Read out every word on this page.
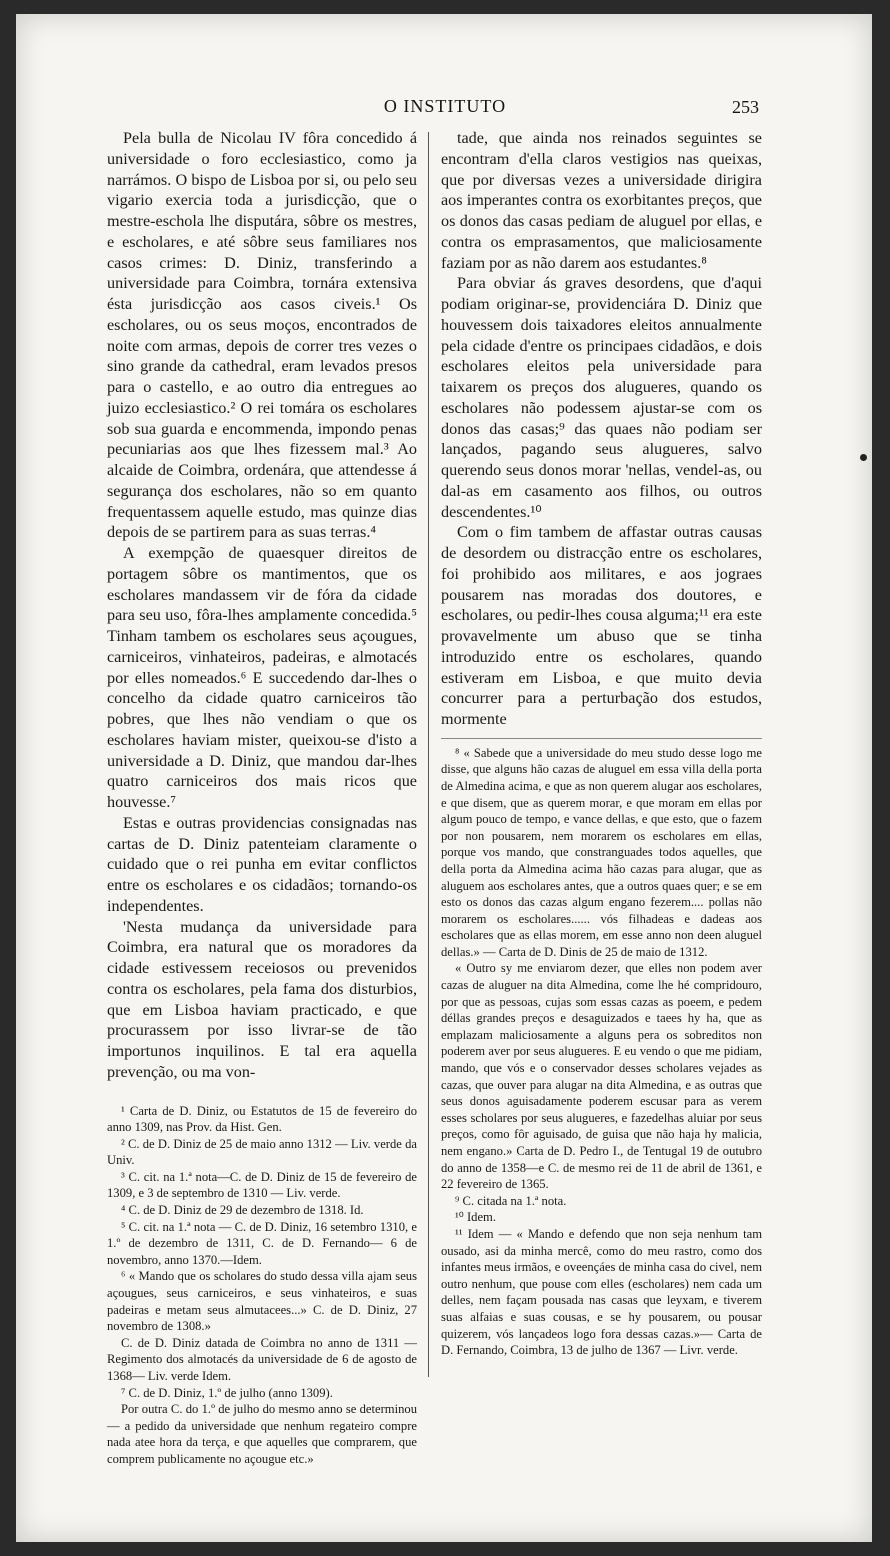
O INSTITUTO	253

Pela bulla de Nicolau IV fôra concedido á universidade o foro ecclesiastico, como ja narrámos. O bispo de Lisboa por si, ou pelo seu vigario exercia toda a jurisdicção, que o mestre-eschola lhe disputára, sôbre os mestres, e escholares, e até sôbre seus familiares nos casos crimes: D. Diniz, transferindo a universidade para Coimbra, tornára extensiva ésta jurisdicção aos casos civeis.¹ Os escholares, ou os seus moços, encontrados de noite com armas, depois de correr tres vezes o sino grande da cathedral, eram levados presos para o castello, e ao outro dia entregues ao juizo ecclesiastico.² O rei tomára os escholares sob sua guarda e encommenda, impondo penas pecuniarias aos que lhes fizessem mal.³ Ao alcaide de Coimbra, ordenára, que attendesse á segurança dos escholares, não so em quanto frequentassem aquelle estudo, mas quinze dias depois de se partirem para as suas terras.⁴

A exempção de quaesquer direitos de portagem sôbre os mantimentos, que os escholares mandassem vir de fóra da cidade para seu uso, fôra-lhes amplamente concedida.⁵ Tinham tambem os escholares seus açougues, carniceiros, vinhateiros, padeiras, e almotacés por elles nomeados.⁶ E succedendo dar-lhes o concelho da cidade quatro carniceiros tão pobres, que lhes não vendiam o que os escholares haviam mister, queixou-se d'isto a universidade a D. Diniz, que mandou dar-lhes quatro carniceiros dos mais ricos que houvesse.⁷

Estas e outras providencias consignadas nas cartas de D. Diniz patenteiam claramente o cuidado que o rei punha em evitar conflictos entre os escholares e os cidadãos; tornando-os independentes.

'Nesta mudança da universidade para Coimbra, era natural que os moradores da cidade estivessem receiosos ou prevenidos contra os escholares, pela fama dos disturbios, que em Lisboa haviam practicado, e que procurassem por isso livrar-se de tão importunos inquilinos. E tal era aquella prevenção, ou ma von-

¹ Carta de D. Diniz, ou Estatutos de 15 de fevereiro do anno 1309, nas Prov. da Hist. Gen.

² C. de D. Diniz de 25 de maio anno 1312 — Liv. verde da Univ.

³ C. cit. na 1.ª nota—C. de D. Diniz de 15 de fevereiro de 1309, e 3 de septembro de 1310 — Liv. verde.

⁴ C. de D. Diniz de 29 de dezembro de 1318. Id.

⁵ C. cit. na 1.ª nota — C. de D. Diniz, 16 setembro 1310, e 1.º de dezembro de 1311, C. de D. Fernando— 6 de novembro, anno 1370.—Idem.

⁶ « Mando que os scholares do studo dessa villa ajam seus açougues, seus carniceiros, e seus vinhateiros, e suas padeiras e metam seus almutacees...» C. de D. Diniz, 27 novembro de 1308.»

C. de D. Diniz datada de Coimbra no anno de 1311 —Regimento dos almotacés da universidade de 6 de agosto de 1368— Liv. verde Idem.

⁷ C. de D. Diniz, 1.º de julho (anno 1309).

Por outra C. do 1.º de julho do mesmo anno se determinou — a pedido da universidade que nenhum regateiro compre nada atee hora da terça, e que aquelles que comprarem, que comprem publicamente no açougue etc.»

tade, que ainda nos reinados seguintes se encontram d'ella claros vestigios nas queixas, que por diversas vezes a universidade dirigira aos imperantes contra os exorbitantes preços, que os donos das casas pediam de aluguel por ellas, e contra os emprasamentos, que maliciosamente faziam por as não darem aos estudantes.⁸

Para obviar ás graves desordens, que d'aqui podiam originar-se, providenciára D. Diniz que houvessem dois taixadores eleitos annualmente pela cidade d'entre os principaes cidadãos, e dois escholares eleitos pela universidade para taixarem os preços dos alugueres, quando os escholares não podessem ajustar-se com os donos das casas;⁹ das quaes não podiam ser lançados, pagando seus alugueres, salvo querendo seus donos morar 'nellas, vendel-as, ou dal-as em casamento aos filhos, ou outros descendentes.¹⁰

Com o fim tambem de affastar outras causas de desordem ou distracção entre os escholares, foi prohibido aos militares, e aos jograes pousarem nas moradas dos doutores, e escholares, ou pedir-lhes cousa alguma;¹¹ era este provavelmente um abuso que se tinha introduzido entre os escholares, quando estiveram em Lisboa, e que muito devia concurrer para a perturbação dos estudos, mormente

⁸ « Sabede que a universidade do meu studo desse logo me disse, que alguns hão cazas de aluguel em essa villa della porta de Almedina acima, e que as non querem alugar aos escholares, e que disem, que as querem morar, e que moram em ellas por algum pouco de tempo, e vance dellas, e que esto, que o fazem por non pousarem, nem morarem os escholares em ellas, porque vos mando, que constranguades todos aquelles, que della porta da Almedina acima hão cazas para alugar, que as aluguem aos escholares antes, que a outros quaes quer; e se em esto os donos das cazas algum engano fezerem.... pollas não morarem os escholares...... vós filhadeas e dadeas aos escholares que as ellas morem, em esse anno non deen aluguel dellas.» — Carta de D. Dinis de 25 de maio de 1312.

« Outro sy me enviarom dezer, que elles non podem aver cazas de aluguer na dita Almedina, come lhe hé compridouro, por que as pessoas, cujas som essas cazas as poeem, e pedem déllas grandes preços e desaguizados e taees hy ha, que as emplazam maliciosamente a alguns pera os sobreditos non poderem aver por seus alugueres. E eu vendo o que me pidiam, mando, que vós e o conservador desses scholares vejades as cazas, que ouver para alugar na dita Almedina, e as outras que seus donos aguisadamente poderem escusar para as verem esses scholares por seus alugueres, e fazedelhas aluiar por seus preços, como fôr aguisado, de guisa que não haja hy malicia, nem engano.» Carta de D. Pedro I., de Tentugal 19 de outubro do anno de 1358—e C. de mesmo rei de 11 de abril de 1361, e 22 fevereiro de 1365.

⁹ C. citada na 1.ª nota.

¹⁰ Idem.

¹¹ Idem — « Mando e defendo que non seja nenhum tam ousado, asi da minha mercê, como do meu rastro, como dos infantes meus irmãos, e oveençáes de minha casa do civel, nem outro nenhum, que pouse com elles (escholares) nem cada um delles, nem façam pousada nas casas que leyxam, e tiverem suas alfaias e suas cousas, e se hy pousarem, ou pousar quizerem, vós lançadeos logo fora dessas cazas.»— Carta de D. Fernando, Coimbra, 13 de julho de 1367 — Livr. verde.
